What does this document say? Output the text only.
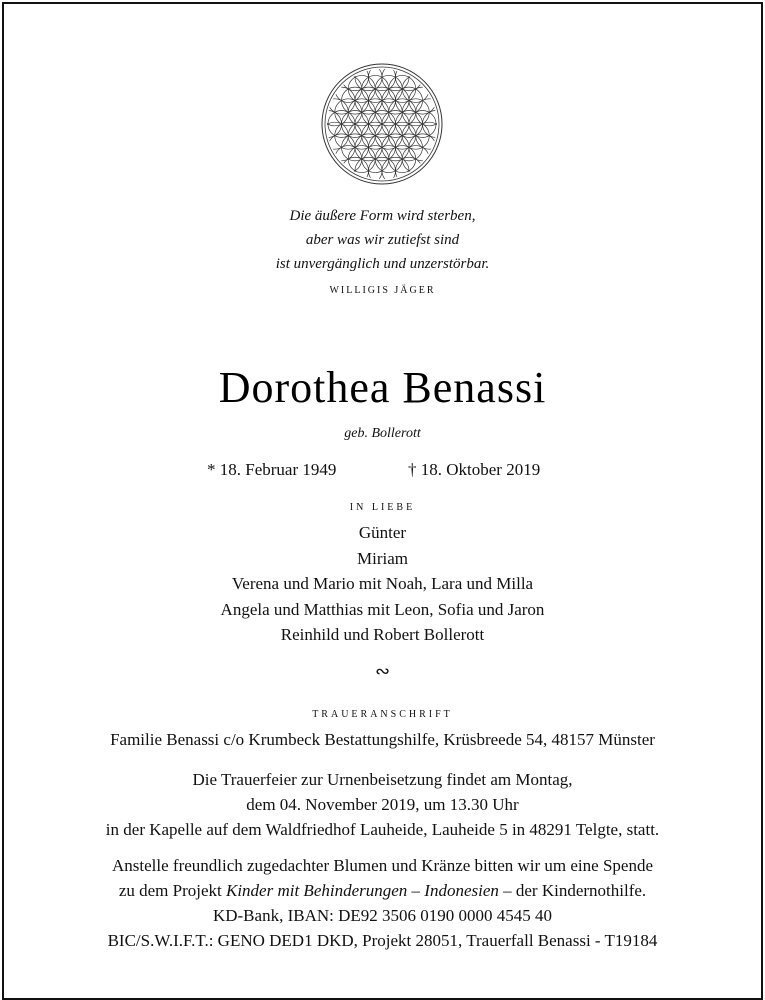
Die äußere Form wird sterben,
aber was wir zutiefst sind
ist unvergänglich und unzerstörbar.
WILLIGIS JÄGER
Dorothea Benassi
geb. Bollerott
* 18. Februar 1949	† 18. Oktober 2019
IN LIEBE
Günter
Miriam
Verena und Mario mit Noah, Lara und Milla
Angela und Matthias mit Leon, Sofia und Jaron
Reinhild und Robert Bollerott
∾
TRAUERANSCHRIFT
Familie Benassi c/o Krumbeck Bestattungshilfe, Krüsbreede 54, 48157 Münster
Die Trauerfeier zur Urnenbeisetzung findet am Montag,
dem 04. November 2019, um 13.30 Uhr
in der Kapelle auf dem Waldfriedhof Lauheide, Lauheide 5 in 48291 Telgte, statt.
Anstelle freundlich zugedachter Blumen und Kränze bitten wir um eine Spende
zu dem Projekt Kinder mit Behinderungen – Indonesien – der Kindernothilfe.
KD-Bank, IBAN: DE92 3506 0190 0000 4545 40
BIC/S.W.I.F.T.: GENO DED1 DKD, Projekt 28051, Trauerfall Benassi - T19184
